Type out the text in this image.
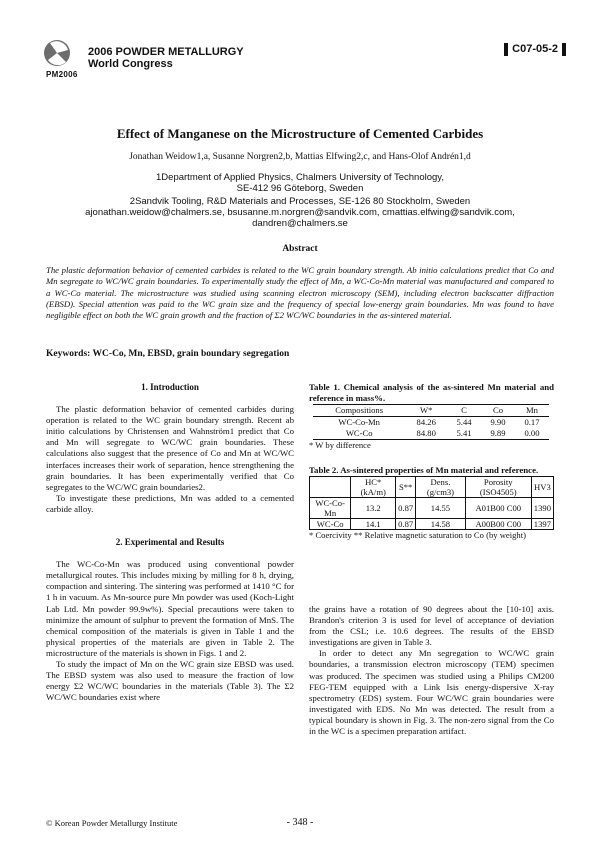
PM2006
2006 POWDER METALLURGY
World Congress
C07-05-2
Effect of Manganese on the Microstructure of Cemented Carbides
Jonathan Weidow1,a, Susanne Norgren2,b, Mattias Elfwing2,c, and Hans-Olof Andrén1,d
1Department of Applied Physics, Chalmers University of Technology,
SE-412 96 Göteborg, Sweden
2Sandvik Tooling, R&D Materials and Processes, SE-126 80 Stockholm, Sweden
ajonathan.weidow@chalmers.se, bsusanne.m.norgren@sandvik.com, cmattias.elfwing@sandvik.com,
dandren@chalmers.se
Abstract
The plastic deformation behavior of cemented carbides is related to the WC grain boundary strength. Ab initio calculations predict that Co and Mn segregate to WC/WC grain boundaries. To experimentally study the effect of Mn, a WC-Co-Mn material was manufactured and compared to a WC-Co material. The microstructure was studied using scanning electron microscopy (SEM), including electron backscatter diffraction (EBSD). Special attention was paid to the WC grain size and the frequency of special low-energy grain boundaries. Mn was found to have negligible effect on both the WC grain growth and the fraction of Σ2 WC/WC boundaries in the as-sintered material.
Keywords: WC-Co, Mn, EBSD, grain boundary segregation
1. Introduction

The plastic deformation behavior of cemented carbides during operation is related to the WC grain boundary strength. Recent ab initio calculations by Christensen and Wahnström1 predict that Co and Mn will segregate to WC/WC grain boundaries. These calculations also suggest that the presence of Co and Mn at WC/WC interfaces increases their work of separation, hence strengthening the grain boundaries. It has been experimentally verified that Co segregates to the WC/WC grain boundaries2.

To investigate these predictions, Mn was added to a cemented carbide alloy.

2. Experimental and Results

The WC-Co-Mn was produced using conventional powder metallurgical routes. This includes mixing by milling for 8 h, drying, compaction and sintering. The sintering was performed at 1410 °C for 1 h in vacuum. As Mn-source pure Mn powder was used (Koch-Light Lab Ltd. Mn powder 99.9w%). Special precautions were taken to minimize the amount of sulphur to prevent the formation of MnS. The chemical composition of the materials is given in Table 1 and the physical properties of the materials are given in Table 2. The microstructure of the materials is shown in Figs. 1 and 2.

To study the impact of Mn on the WC grain size EBSD was used. The EBSD system was also used to measure the fraction of low energy Σ2 WC/WC boundaries in the materials (Table 3). The Σ2 WC/WC boundaries exist where

Table 1. Chemical analysis of the as-sintered Mn material and reference in mass%.
Compositions	W*	C	Co	Mn
WC-Co-Mn	84.26	5.44	9.90	0.17
WC-Co	84.80	5.41	9.89	0.00
* W by difference
Table 2. As-sintered properties of Mn material and reference.
	HC* (kA/m)	S**	Dens. (g/cm3)	Porosity (ISO4505)	HV3
WC-Co-Mn	13.2	0.87	14.55	A01B00 C00	1390
WC-Co	14.1	0.87	14.58	A00B00 C00	1397
* Coercivity ** Relative magnetic saturation to Co (by weight)

the grains have a rotation of 90 degrees about the [10-10] axis. Brandon's criterion 3 is used for level of acceptance of deviation from the CSL; i.e. 10.6 degrees. The results of the EBSD investigations are given in Table 3.

In order to detect any Mn segregation to WC/WC grain boundaries, a transmission electron microscopy (TEM) specimen was produced. The specimen was studied using a Philips CM200 FEG-TEM equipped with a Link Isis energy-dispersive X-ray spectrometry (EDS) system. Four WC/WC grain boundaries were investigated with EDS. No Mn was detected. The result from a typical boundary is shown in Fig. 3. The non-zero signal from the Co in the WC is a specimen preparation artifact.

© Korean Powder Metallurgy Institute	- 348 -
